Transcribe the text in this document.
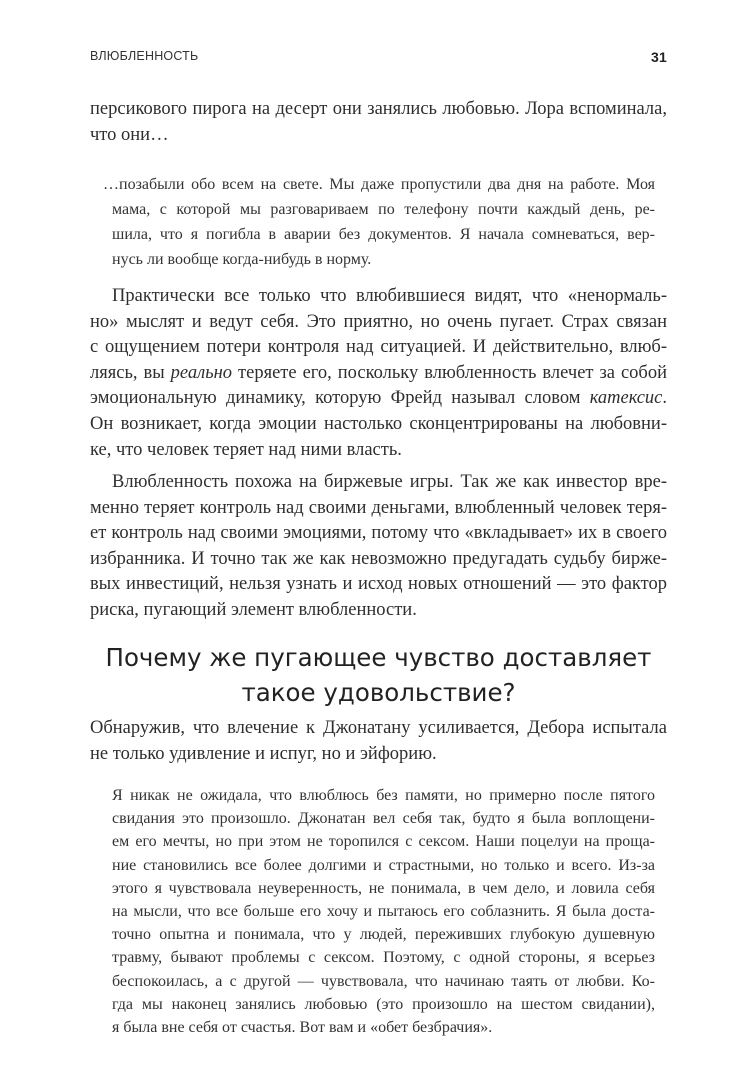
ВЛЮБЛЕННОСТЬ	31
персикового пирога на десерт они занялись любовью. Лора вспоминала,
что они…
…позабыли обо всем на свете. Мы даже пропустили два дня на работе. Моя
мама, с которой мы разговариваем по телефону почти каждый день, ре-
шила, что я погибла в аварии без документов. Я начала сомневаться, вер-
нусь ли вообще когда-нибудь в норму.
Практически все только что влюбившиеся видят, что «ненормаль-
но» мыслят и ведут себя. Это приятно, но очень пугает. Страх связан
с ощущением потери контроля над ситуацией. И действительно, влюб-
ляясь, вы реально теряете его, поскольку влюбленность влечет за собой
эмоциональную динамику, которую Фрейд называл словом катексис.
Он возникает, когда эмоции настолько сконцентрированы на любовни-
ке, что человек теряет над ними власть.
Влюбленность похожа на биржевые игры. Так же как инвестор вре-
менно теряет контроль над своими деньгами, влюбленный человек теря-
ет контроль над своими эмоциями, потому что «вкладывает» их в своего
избранника. И точно так же как невозможно предугадать судьбу бирже-
вых инвестиций, нельзя узнать и исход новых отношений — это фактор
риска, пугающий элемент влюбленности.
Почему же пугающее чувство доставляет
такое удовольствие?
Обнаружив, что влечение к Джонатану усиливается, Дебора испытала
не только удивление и испуг, но и эйфорию.
Я никак не ожидала, что влюблюсь без памяти, но примерно после пятого
свидания это произошло. Джонатан вел себя так, будто я была воплощени-
ем его мечты, но при этом не торопился с сексом. Наши поцелуи на проща-
ние становились все более долгими и страстными, но только и всего. Из-за
этого я чувствовала неуверенность, не понимала, в чем дело, и ловила себя
на мысли, что все больше его хочу и пытаюсь его соблазнить. Я была доста-
точно опытна и понимала, что у людей, переживших глубокую душевную
травму, бывают проблемы с сексом. Поэтому, с одной стороны, я всерьез
беспокоилась, а с другой — чувствовала, что начинаю таять от любви. Ко-
гда мы наконец занялись любовью (это произошло на шестом свидании),
я была вне себя от счастья. Вот вам и «обет безбрачия».
